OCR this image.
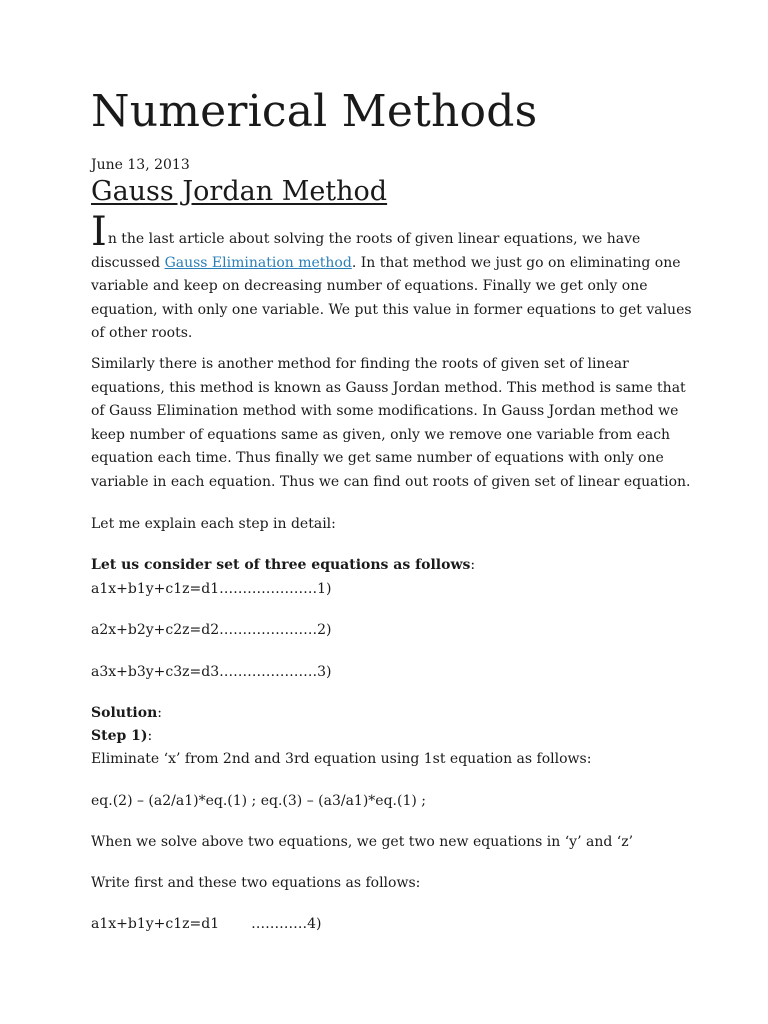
Numerical Methods
June 13, 2013
Gauss Jordan Method
In the last article about solving the roots of given linear equations, we have
discussed Gauss Elimination method. In that method we just go on eliminating one
variable and keep on decreasing number of equations. Finally we get only one
equation, with only one variable. We put this value in former equations to get values
of other roots.
Similarly there is another method for finding the roots of given set of linear
equations, this method is known as Gauss Jordan method. This method is same that
of Gauss Elimination method with some modifications. In Gauss Jordan method we
keep number of equations same as given, only we remove one variable from each
equation each time. Thus finally we get same number of equations with only one
variable in each equation. Thus we can find out roots of given set of linear equation.
Let me explain each step in detail:
Let us consider set of three equations as follows:
a1x+b1y+c1z=d1…………………1)
a2x+b2y+c2z=d2…………………2)
a3x+b3y+c3z=d3…………………3)
Solution:
Step 1):
Eliminate ‘x’ from 2nd and 3rd equation using 1st equation as follows:
eq.(2) – (a2/a1)*eq.(1) ; eq.(3) – (a3/a1)*eq.(1) ;
When we solve above two equations, we get two new equations in ‘y’ and ‘z’
Write first and these two equations as follows:
a1x+b1y+c1z=d1 …………4)
